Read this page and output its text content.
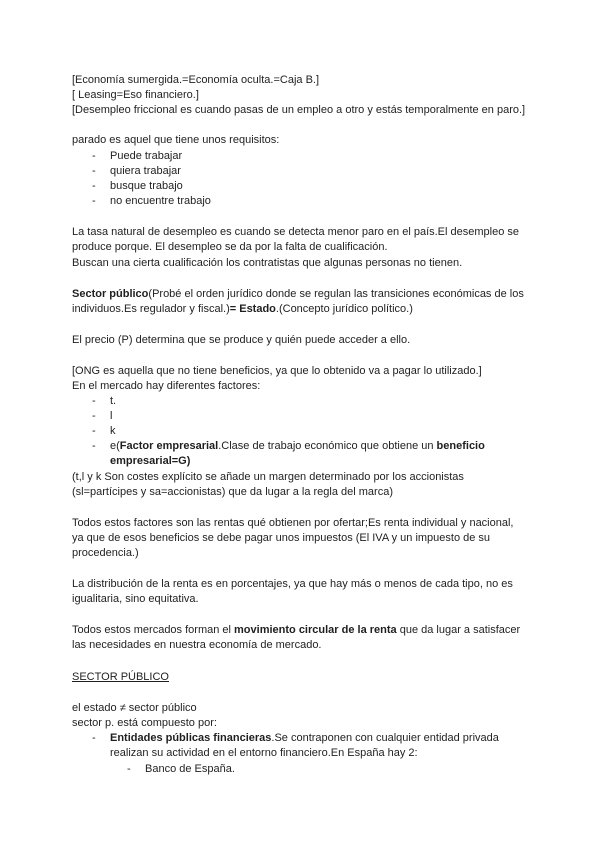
[Economía sumergida.=Economía oculta.=Caja B.]
[ Leasing=Eso financiero.]
[Desempleo friccional es cuando pasas de un empleo a otro y estás temporalmente en paro.]
parado es aquel que tiene unos requisitos:
- Puede trabajar
- quiera trabajar
- busque trabajo
- no encuentre trabajo
La tasa natural de desempleo es cuando se detecta menor paro en el país.El desempleo se
produce porque. El desempleo se da por la falta de cualificación.
Buscan una cierta cualificación los contratistas que algunas personas no tienen.
Sector público(Probé el orden jurídico donde se regulan las transiciones económicas de los
individuos.Es regulador y fiscal.)= Estado.(Concepto jurídico político.)
El precio (P) determina que se produce y quién puede acceder a ello.
[ONG es aquella que no tiene beneficios, ya que lo obtenido va a pagar lo utilizado.]
En el mercado hay diferentes factores:
- t.
- l
- k
- e(Factor empresarial.Clase de trabajo económico que obtiene un beneficio
empresarial=G)
(t,l y k Son costes explícito se añade un margen determinado por los accionistas
(sl=partícipes y sa=accionistas) que da lugar a la regla del marca)
Todos estos factores son las rentas qué obtienen por ofertar;Es renta individual y nacional,
ya que de esos beneficios se debe pagar unos impuestos (El IVA y un impuesto de su
procedencia.)
La distribución de la renta es en porcentajes, ya que hay más o menos de cada tipo, no es
igualitaria, sino equitativa.
Todos estos mercados forman el movimiento circular de la renta que da lugar a satisfacer
las necesidades en nuestra economía de mercado.
SECTOR PÚBLICO
el estado ≠ sector público
sector p. está compuesto por:
- Entidades públicas financieras.Se contraponen con cualquier entidad privada
realizan su actividad en el entorno financiero.En España hay 2:
- Banco de España.
